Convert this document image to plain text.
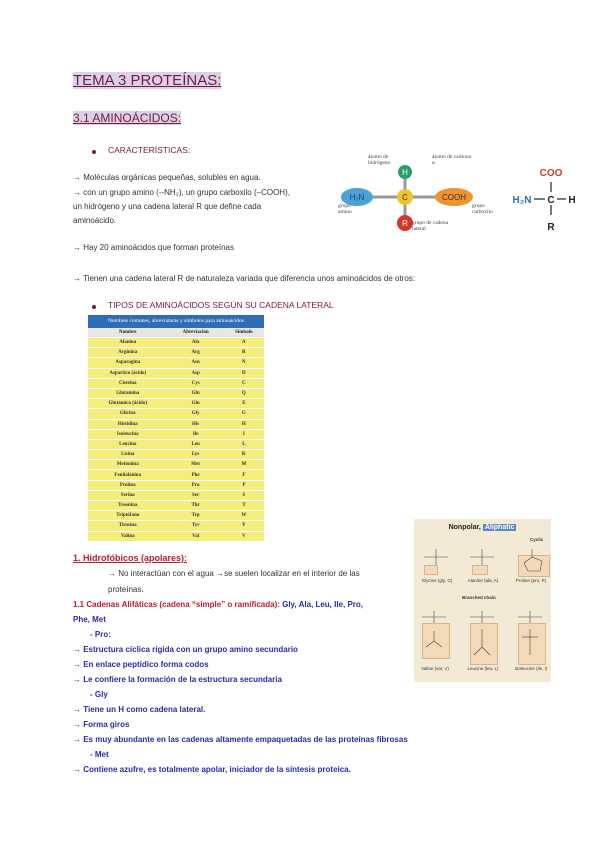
TEMA 3 PROTEÍNAS:
3.1 AMINOÁCIDOS:
CARACTERÍSTICAS:
→ Moléculas orgánicas pequeñas, solubles en agua.
→ con un grupo amino (--NH₂), un grupo carboxilo (–COOH),
un hidrógeno y una cadena lateral R que define cada
aminoácido.
→ Hay 20 aminoácidos que forman proteínas
→ Tienen una cadena lateral R de naturaleza variada que diferencia unos aminoácidos de otros:
H
C
R
H₂N	COOH
átomo de hidrógeno
átomo de carbono α
grupo amino
grupo carboxilo
grupo de cadena lateral
COO
H₂N C H
R
TIPOS DE AMINOÁCIDOS SEGÚN SU CADENA LATERAL
Nombres comunes, abreviaturas y símbolos para aminoácidos
Nombre	Abreviación	Símbolo
Alanina	Ala	A
Arginina	Arg	R
Asparagina	Asn	N
Aspartico (ácido)	Asp	D
Cisteína	Cys	C
Glutamina	Gln	Q
Glutámico (ácido)	Glu	E
Glicina	Gly	G
Histidina	His	H
Isoleucina	Ile	I
Leucina	Leu	L
Lisina	Lys	K
Metionina	Met	M
Fenilalanina	Phe	F
Prolina	Pro	P
Serina	Ser	S
Treonina	Thr	T
Triptófano	Trp	W
Tirosina	Tyr	Y
Valina	Val	V
Nonpolar, Aliphatic
Cyclic
Glycine (gly, G)	Alanine (ala, A)	Proline (pro, P)
Branched chain
Valine (val, V)	Leucine (leu, L)	Isoleucine (ile, I)
1. Hidrofóbicos (apolares):
→ No interactúan con el agua →se suelen localizar en el interior de las
proteínas.
1.1 Cadenas Alifáticas (cadena “simple” o ramificada): Gly, Ala, Leu, Ile, Pro,
Phe, Met
- Pro:
→ Estructura cíclica rígida con un grupo amino secundario
→ En enlace peptídico forma codos
→ Le confiere la formación de la estructura secundaria
- Gly
→ Tiene un H como cadena lateral.
→ Forma giros
→ Es muy abundante en las cadenas altamente empaquetadas de las proteínas fibrosas
- Met
→ Contiene azufre, es totalmente apolar, iniciador de la síntesis proteica.
